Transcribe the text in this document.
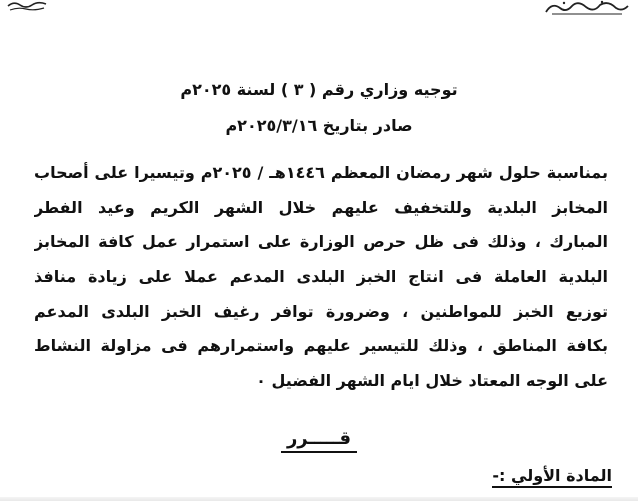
توجيه وزاري رقم ( ٣ ) لسنة ٢٠٢٥م
صادر بتاريخ ٢٠٢٥/٣/١٦م
بمناسبة حلول شهر رمضان المعظم ١٤٤٦هـ / ٢٠٢٥م وتيسيرا على أصحاب
المخابز البلدية وللتخفيف عليهم خلال الشهر الكريم وعيد الفطر
المبارك ، وذلك فى ظل حرص الوزارة على استمرار عمل كافة المخابز
البلدية العاملة فى انتاج الخبز البلدى المدعم عملا على زيادة منافذ
توزيع الخبز للمواطنين ، وضرورة توافر رغيف الخبز البلدى المدعم
بكافة المناطق ، وذلك للتيسير عليهم واستمرارهم فى مزاولة النشاط
على الوجه المعتاد خلال ايام الشهر الفضيل ٠
قـــــرر
المادة الأولي :-
